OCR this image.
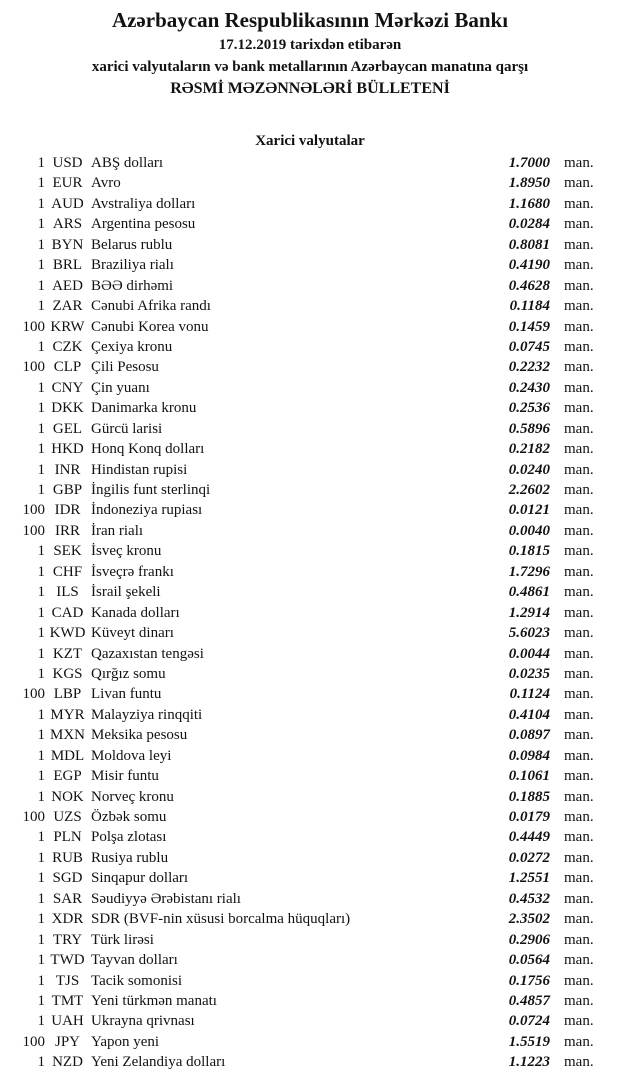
Azərbaycan Respublikasının Mərkəzi Bankı
17.12.2019 tarixdən etibarən
xarici valyutaların və bank metallarının Azərbaycan manatına qarşı
RƏSMİ MƏZƏNNƏLƏRİ BÜLLETENİ
Xarici valyutalar
1 USD ABŞ dolları	1.7000 man.
1 EUR Avro	1.8950 man.
1 AUD Avstraliya dolları	1.1680 man.
1 ARS Argentina pesosu	0.0284 man.
1 BYN Belarus rublu	0.8081 man.
1 BRL Braziliya rialı	0.4190 man.
1 AED BƏƏ dirhəmi	0.4628 man.
1 ZAR Cənubi Afrika randı	0.1184 man.
100 KRW Cənubi Korea vonu	0.1459 man.
1 CZK Çexiya kronu	0.0745 man.
100 CLP Çili Pesosu	0.2232 man.
1 CNY Çin yuanı	0.2430 man.
1 DKK Danimarka kronu	0.2536 man.
1 GEL Gürcü larisi	0.5896 man.
1 HKD Honq Konq dolları	0.2182 man.
1 INR Hindistan rupisi	0.0240 man.
1 GBP İngilis funt sterlinqi	2.2602 man.
100 IDR İndoneziya rupiası	0.0121 man.
100 IRR İran rialı	0.0040 man.
1 SEK İsveç kronu	0.1815 man.
1 CHF İsveçrə frankı	1.7296 man.
1 ILS İsrail şekeli	0.4861 man.
1 CAD Kanada dolları	1.2914 man.
1 KWD Küveyt dinarı	5.6023 man.
1 KZT Qazaxıstan tengəsi	0.0044 man.
1 KGS Qırğız somu	0.0235 man.
100 LBP Livan funtu	0.1124 man.
1 MYR Malayziya rinqqiti	0.4104 man.
1 MXN Meksika pesosu	0.0897 man.
1 MDL Moldova leyi	0.0984 man.
1 EGP Misir funtu	0.1061 man.
1 NOK Norveç kronu	0.1885 man.
100 UZS Özbək somu	0.0179 man.
1 PLN Polşa zlotası	0.4449 man.
1 RUB Rusiya rublu	0.0272 man.
1 SGD Sinqapur dolları	1.2551 man.
1 SAR Səudiyyə Ərəbistanı rialı	0.4532 man.
1 XDR SDR (BVF-nin xüsusi borcalma hüquqları)	2.3502 man.
1 TRY Türk lirəsi	0.2906 man.
1 TWD Tayvan dolları	0.0564 man.
1 TJS Tacik somonisi	0.1756 man.
1 TMT Yeni türkmən manatı	0.4857 man.
1 UAH Ukrayna qrivnası	0.0724 man.
100 JPY Yapon yeni	1.5519 man.
1 NZD Yeni Zelandiya dolları	1.1223 man.
